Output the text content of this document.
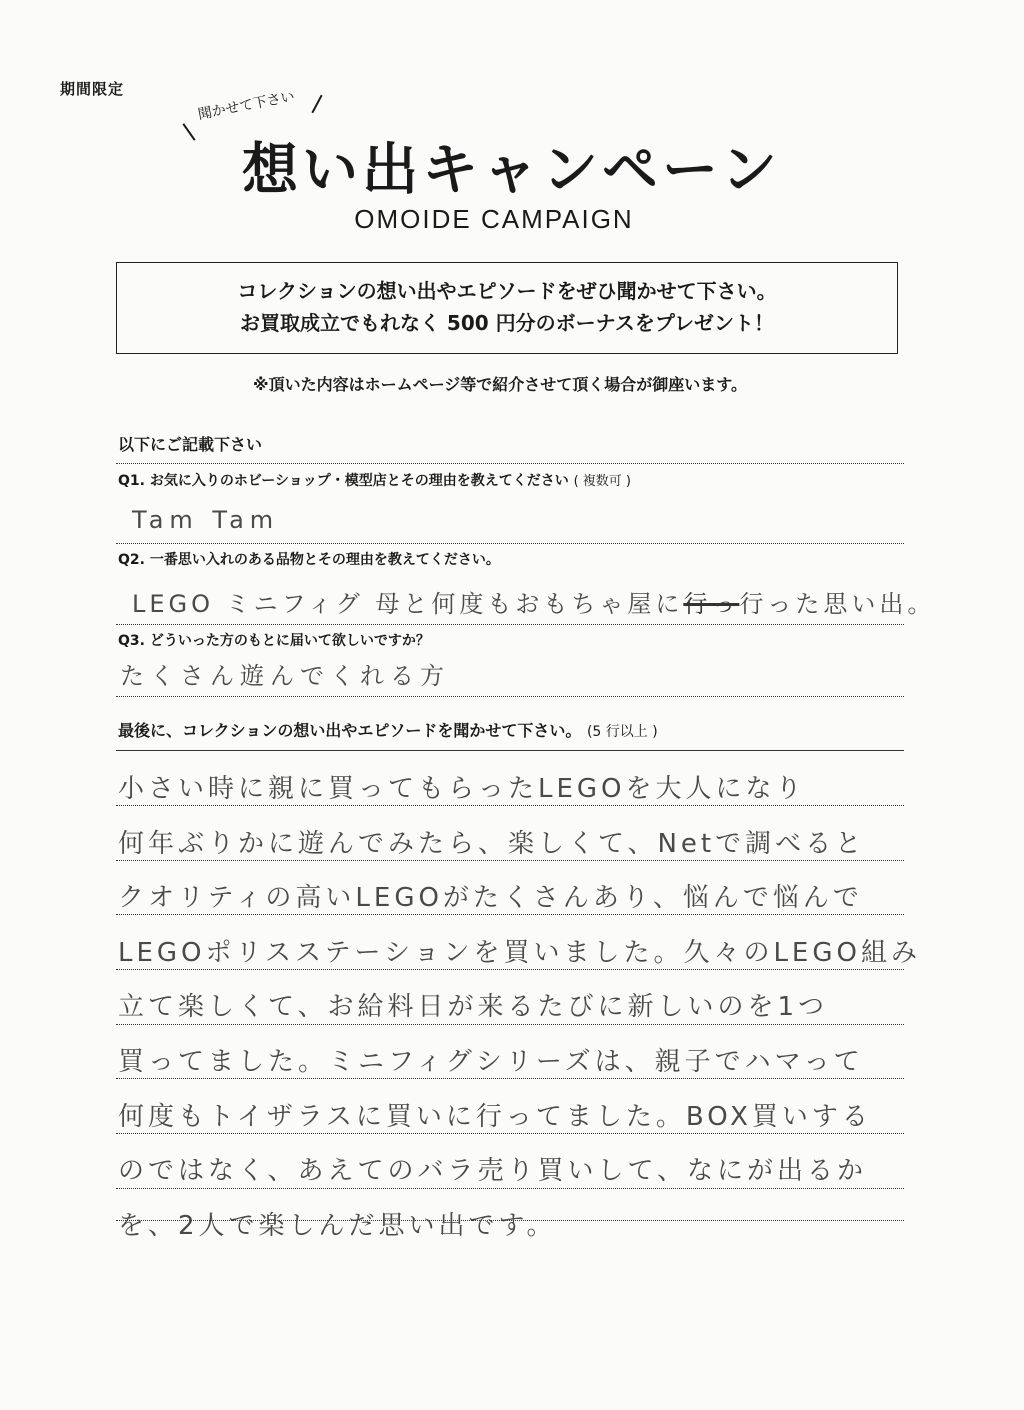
期間限定	聞かせて下さい
想い出キャンペーン
OMOIDE CAMPAIGN
コレクションの想い出やエピソードをぜひ聞かせて下さい。
お買取成立でもれなく 500 円分のボーナスをプレゼント！
※頂いた内容はホームページ等で紹介させて頂く場合が御座います。
以下にご記載下さい
Q1. お気に入りのホビーショップ・模型店とその理由を教えてください ( 複数可 )
Tam Tam
Q2. 一番思い入れのある品物とその理由を教えてください。
LEGO ミニフィグ 母と何度もおもちゃ屋に行っ行った思い出。
Q3. どういった方のもとに届いて欲しいですか？
たくさん遊んでくれる方
最後に、コレクションの想い出やエピソードを聞かせて下さい。 (5 行以上 )
小さい時に親に買ってもらったLEGOを大人になり
何年ぶりかに遊んでみたら、楽しくて、Netで調べると
クオリティの高いLEGOがたくさんあり、悩んで悩んで
LEGOポリスステーションを買いました。久々のLEGO組み
立て楽しくて、お給料日が来るたびに新しいのを1つ
買ってました。ミニフィグシリーズは、親子でハマって
何度もトイザラスに買いに行ってました。BOX買いする
のではなく、あえてのバラ売り買いして、なにが出るか
を、2人で楽しんだ思い出です。
